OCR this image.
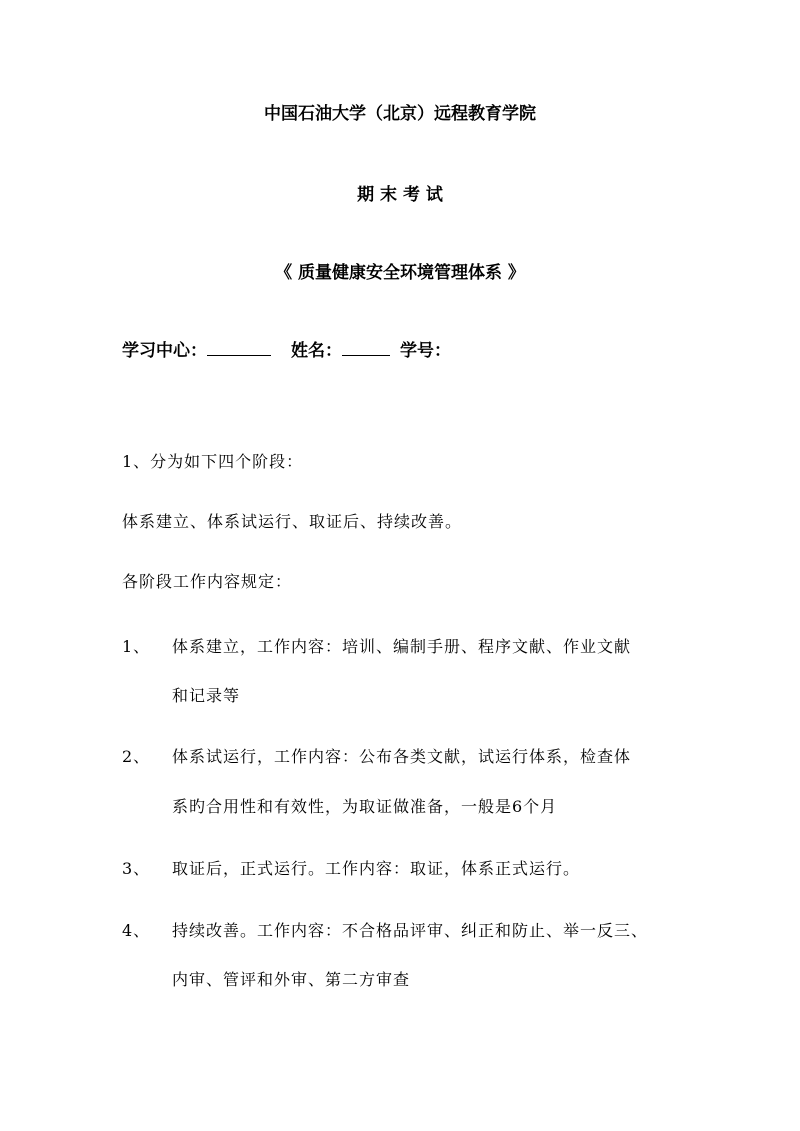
中国石油大学（北京）远程教育学院
期 末 考 试
《 质量健康安全环境管理体系 》
学习中心：	姓名：	学号：
1、分为如下四个阶段：
体系建立、体系试运行、取证后、持续改善。
各阶段工作内容规定：
1、 体系建立，工作内容：培训、编制手册、程序文献、作业文献
和记录等
2、 体系试运行，工作内容：公布各类文献，试运行体系，检查体
系旳合用性和有效性，为取证做准备，一般是6个月
3、 取证后，正式运行。工作内容：取证，体系正式运行。
4、 持续改善。工作内容：不合格品评审、纠正和防止、举一反三、
内审、管评和外审、第二方审查
